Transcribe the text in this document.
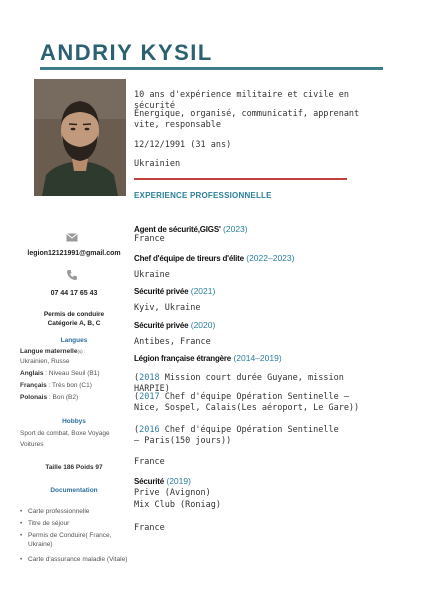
ANDRIY KYSIL
10 ans d'expérience militaire et civile en sécurité
Énergique, organisé, communicatif, apprenant vite, responsable
12/12/1991 (31 ans)
Ukrainien
EXPERIENCE PROFESSIONNELLE
legion12121991@gmail.com
07 44 17 65 43
Permis de conduire
Catégorie A, B, C
Langues
Langue maternelle$^{(s) :}$
Ukrainien, Russe
Anglais : Niveau Seuil (B1)
Français : Très bon (C1)
Polonais : Bon (B2)
Hobbys
Sport de combat, Boxe Voyage Voitures
Taille 186 Poids 97
Documentation
• Carte professionnelle
• Titre de séjour
• Permis de Conduire( France, Ukraine)
• Carte d'assurance maladie (Vitale)
Agent de sécurité,GIGS' (2023)
France
Chef d'équipe de tireurs d'élite (2022–2023)
Ukraine
Sécurité privée (2021)
Kyiv, Ukraine
Sécurité privée (2020)
Antibes, France
Légion française étrangère (2014–2019)
(2018 Mission court durée Guyane, mission HARPIE)
(2017 Chef d'équipe Opération Sentinelle – Nice, Sospel, Calais(Les aéroport, Le Gare))
(2016 Chef d'équipe Opération Sentinelle – Paris(150 jours))
France
Sécurité (2019)
Prive (Avignon)
Mix Club (Roniag)
France
